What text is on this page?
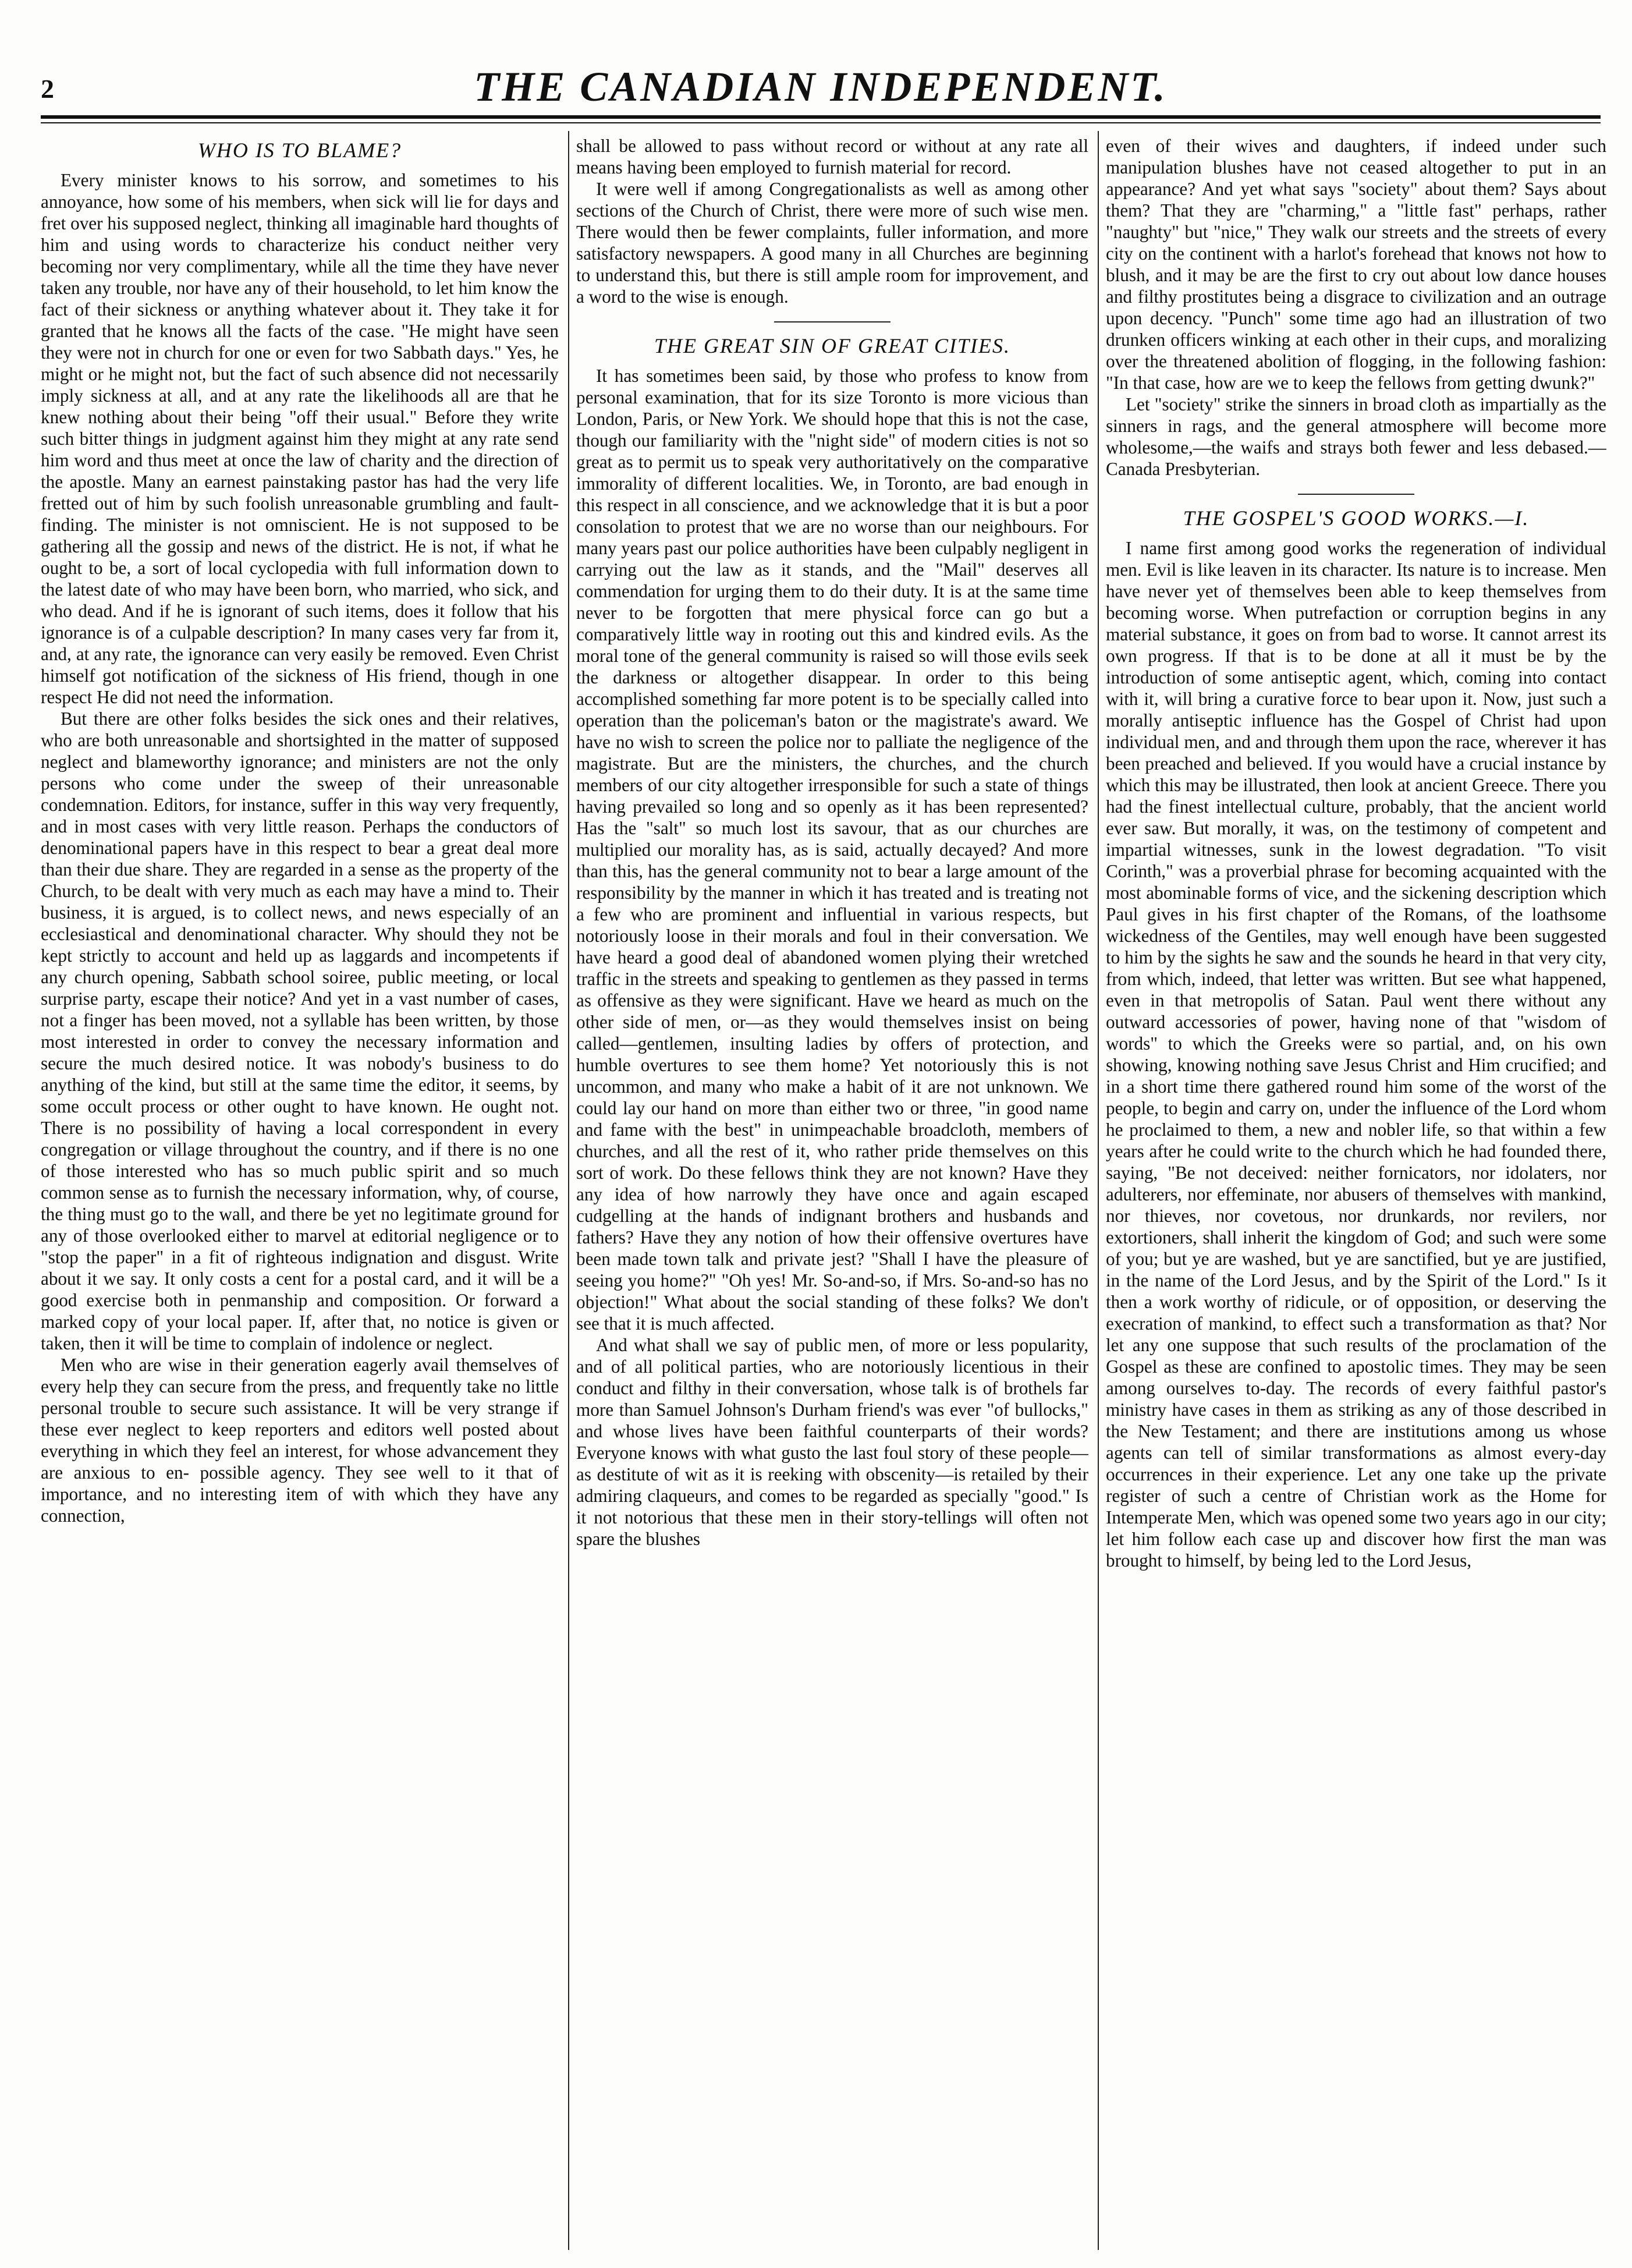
2	THE CANADIAN INDEPENDENT.
WHO IS TO BLAME?

Every minister knows to his sorrow, and sometimes to his annoyance, how some of his members, when sick will lie for days and fret over his supposed neglect, thinking all imaginable hard thoughts of him and using words to characterize his conduct neither very becoming nor very complimentary, while all the time they have never taken any trouble, nor have any of their household, to let him know the fact of their sickness or anything whatever about it. They take it for granted that he knows all the facts of the case. "He might have seen they were not in church for one or even for two Sabbath days." Yes, he might or he might not, but the fact of such absence did not necessarily imply sickness at all, and at any rate the likelihoods all are that he knew nothing about their being "off their usual." Before they write such bitter things in judgment against him they might at any rate send him word and thus meet at once the law of charity and the direction of the apostle. Many an earnest painstaking pastor has had the very life fretted out of him by such foolish unreasonable grumbling and fault-finding. The minister is not omniscient. He is not supposed to be gathering all the gossip and news of the district. He is not, if what he ought to be, a sort of local cyclopedia with full information down to the latest date of who may have been born, who married, who sick, and who dead. And if he is ignorant of such items, does it follow that his ignorance is of a culpable description? In many cases very far from it, and, at any rate, the ignorance can very easily be removed. Even Christ himself got notification of the sickness of His friend, though in one respect He did not need the information.

But there are other folks besides the sick ones and their relatives, who are both unreasonable and shortsighted in the matter of supposed neglect and blameworthy ignorance; and ministers are not the only persons who come under the sweep of their unreasonable condemnation. Editors, for instance, suffer in this way very frequently, and in most cases with very little reason. Perhaps the conductors of denominational papers have in this respect to bear a great deal more than their due share. They are regarded in a sense as the property of the Church, to be dealt with very much as each may have a mind to. Their business, it is argued, is to collect news, and news especially of an ecclesiastical and denominational character. Why should they not be kept strictly to account and held up as laggards and incompetents if any church opening, Sabbath school soiree, public meeting, or local surprise party, escape their notice? And yet in a vast number of cases, not a finger has been moved, not a syllable has been written, by those most interested in order to convey the necessary information and secure the much desired notice. It was nobody's business to do anything of the kind, but still at the same time the editor, it seems, by some occult process or other ought to have known. He ought not. There is no possibility of having a local correspondent in every congregation or village throughout the country, and if there is no one of those interested who has so much public spirit and so much common sense as to furnish the necessary information, why, of course, the thing must go to the wall, and there be yet no legitimate ground for any of those overlooked either to marvel at editorial negligence or to "stop the paper" in a fit of righteous indignation and disgust. Write about it we say. It only costs a cent for a postal card, and it will be a good exercise both in penmanship and composition. Or forward a marked copy of your local paper. If, after that, no notice is given or taken, then it will be time to complain of indolence or neglect.

Men who are wise in their generation eagerly avail themselves of every help they can secure from the press, and frequently take no little personal trouble to secure such assistance. It will be very strange if these ever neglect to keep reporters and editors well posted about everything in which they feel an interest, for whose advancement they are anxious to en- possible agency. They see well to it that of importance, and no interesting item of with which they have any connection,

shall be allowed to pass without record or without at any rate all means having been employed to furnish material for record.

It were well if among Congregationalists as well as among other sections of the Church of Christ, there were more of such wise men. There would then be fewer complaints, fuller information, and more satisfactory newspapers. A good many in all Churches are beginning to understand this, but there is still ample room for improvement, and a word to the wise is enough.

THE GREAT SIN OF GREAT CITIES.

It has sometimes been said, by those who profess to know from personal examination, that for its size Toronto is more vicious than London, Paris, or New York. We should hope that this is not the case, though our familiarity with the "night side" of modern cities is not so great as to permit us to speak very authoritatively on the comparative immorality of different localities. We, in Toronto, are bad enough in this respect in all conscience, and we acknowledge that it is but a poor consolation to protest that we are no worse than our neighbours. For many years past our police authorities have been culpably negligent in carrying out the law as it stands, and the "Mail" deserves all commendation for urging them to do their duty. It is at the same time never to be forgotten that mere physical force can go but a comparatively little way in rooting out this and kindred evils. As the moral tone of the general community is raised so will those evils seek the darkness or altogether disappear. In order to this being accomplished something far more potent is to be specially called into operation than the policeman's baton or the magistrate's award. We have no wish to screen the police nor to palliate the negligence of the magistrate. But are the ministers, the churches, and the church members of our city altogether irresponsible for such a state of things having prevailed so long and so openly as it has been represented? Has the "salt" so much lost its savour, that as our churches are multiplied our morality has, as is said, actually decayed? And more than this, has the general community not to bear a large amount of the responsibility by the manner in which it has treated and is treating not a few who are prominent and influential in various respects, but notoriously loose in their morals and foul in their conversation. We have heard a good deal of abandoned women plying their wretched traffic in the streets and speaking to gentlemen as they passed in terms as offensive as they were significant. Have we heard as much on the other side of men, or—as they would themselves insist on being called—gentlemen, insulting ladies by offers of protection, and humble overtures to see them home? Yet notoriously this is not uncommon, and many who make a habit of it are not unknown. We could lay our hand on more than either two or three, "in good name and fame with the best" in unimpeachable broadcloth, members of churches, and all the rest of it, who rather pride themselves on this sort of work. Do these fellows think they are not known? Have they any idea of how narrowly they have once and again escaped cudgelling at the hands of indignant brothers and husbands and fathers? Have they any notion of how their offensive overtures have been made town talk and private jest? "Shall I have the pleasure of seeing you home?" "Oh yes! Mr. So-and-so, if Mrs. So-and-so has no objection!" What about the social standing of these folks? We don't see that it is much affected.

And what shall we say of public men, of more or less popularity, and of all political parties, who are notoriously licentious in their conduct and filthy in their conversation, whose talk is of brothels far more than Samuel Johnson's Durham friend's was ever "of bullocks," and whose lives have been faithful counterparts of their words? Everyone knows with what gusto the last foul story of these people—as destitute of wit as it is reeking with obscenity—is retailed by their admiring claqueurs, and comes to be regarded as specially "good." Is it not notorious that these men in their story-tellings will often not spare the blushes

even of their wives and daughters, if indeed under such manipulation blushes have not ceased altogether to put in an appearance? And yet what says "society" about them? Says about them? That they are "charming," a "little fast" perhaps, rather "naughty" but "nice," They walk our streets and the streets of every city on the continent with a harlot's forehead that knows not how to blush, and it may be are the first to cry out about low dance houses and filthy prostitutes being a disgrace to civilization and an outrage upon decency. "Punch" some time ago had an illustration of two drunken officers winking at each other in their cups, and moralizing over the threatened abolition of flogging, in the following fashion: "In that case, how are we to keep the fellows from getting dwunk?"

Let "society" strike the sinners in broad cloth as impartially as the sinners in rags, and the general atmosphere will become more wholesome,—the waifs and strays both fewer and less debased.—Canada Presbyterian.

THE GOSPEL'S GOOD WORKS.—I.

I name first among good works the regeneration of individual men. Evil is like leaven in its character. Its nature is to increase. Men have never yet of themselves been able to keep themselves from becoming worse. When putrefaction or corruption begins in any material substance, it goes on from bad to worse. It cannot arrest its own progress. If that is to be done at all it must be by the introduction of some antiseptic agent, which, coming into contact with it, will bring a curative force to bear upon it. Now, just such a morally antiseptic influence has the Gospel of Christ had upon individual men, and and through them upon the race, wherever it has been preached and believed. If you would have a crucial instance by which this may be illustrated, then look at ancient Greece. There you had the finest intellectual culture, probably, that the ancient world ever saw. But morally, it was, on the testimony of competent and impartial witnesses, sunk in the lowest degradation. "To visit Corinth," was a proverbial phrase for becoming acquainted with the most abominable forms of vice, and the sickening description which Paul gives in his first chapter of the Romans, of the loathsome wickedness of the Gentiles, may well enough have been suggested to him by the sights he saw and the sounds he heard in that very city, from which, indeed, that letter was written. But see what happened, even in that metropolis of Satan. Paul went there without any outward accessories of power, having none of that "wisdom of words" to which the Greeks were so partial, and, on his own showing, knowing nothing save Jesus Christ and Him crucified; and in a short time there gathered round him some of the worst of the people, to begin and carry on, under the influence of the Lord whom he proclaimed to them, a new and nobler life, so that within a few years after he could write to the church which he had founded there, saying, "Be not deceived: neither fornicators, nor idolaters, nor adulterers, nor effeminate, nor abusers of themselves with mankind, nor thieves, nor covetous, nor drunkards, nor revilers, nor extortioners, shall inherit the kingdom of God; and such were some of you; but ye are washed, but ye are sanctified, but ye are justified, in the name of the Lord Jesus, and by the Spirit of the Lord." Is it then a work worthy of ridicule, or of opposition, or deserving the execration of mankind, to effect such a transformation as that? Nor let any one suppose that such results of the proclamation of the Gospel as these are confined to apostolic times. They may be seen among ourselves to-day. The records of every faithful pastor's ministry have cases in them as striking as any of those described in the New Testament; and there are institutions among us whose agents can tell of similar transformations as almost every-day occurrences in their experience. Let any one take up the private register of such a centre of Christian work as the Home for Intemperate Men, which was opened some two years ago in our city; let him follow each case up and discover how first the man was brought to himself, by being led to the Lord Jesus,
